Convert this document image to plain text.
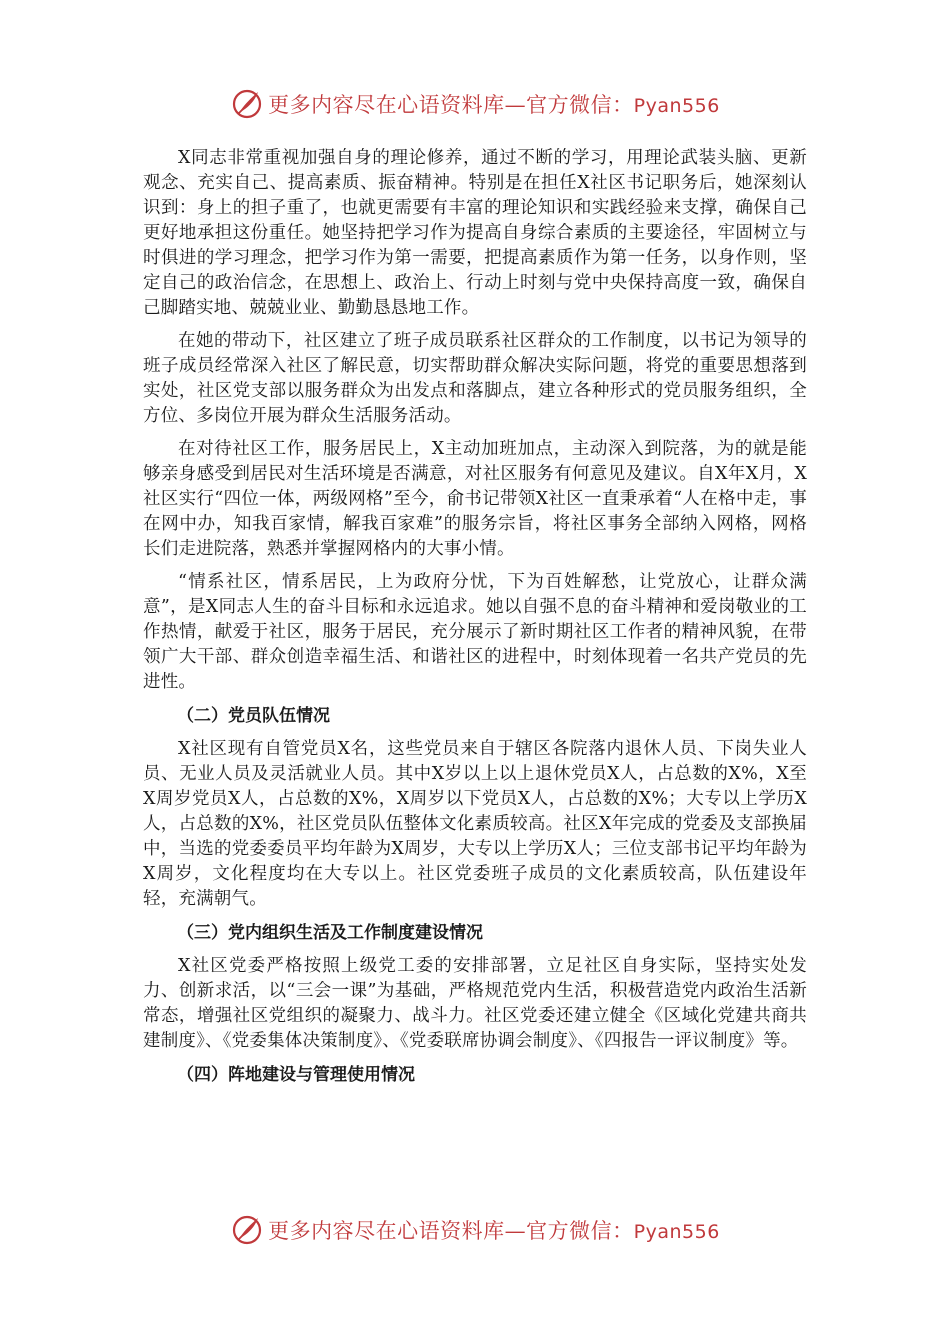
更多内容尽在心语资料库—官方微信：Pyan556

X同志非常重视加强自身的理论修养，通过不断的学习，用理论武装头脑、更新观念、充实自己、提高素质、振奋精神。特别是在担任X社区书记职务后，她深刻认识到：身上的担子重了，也就更需要有丰富的理论知识和实践经验来支撑，确保自己更好地承担这份重任。她坚持把学习作为提高自身综合素质的主要途径，牢固树立与时俱进的学习理念，把学习作为第一需要，把提高素质作为第一任务，以身作则，坚定自己的政治信念，在思想上、政治上、行动上时刻与党中央保持高度一致，确保自己脚踏实地、兢兢业业、勤勤恳恳地工作。

在她的带动下，社区建立了班子成员联系社区群众的工作制度，以书记为领导的班子成员经常深入社区了解民意，切实帮助群众解决实际问题，将党的重要思想落到实处，社区党支部以服务群众为出发点和落脚点，建立各种形式的党员服务组织，全方位、多岗位开展为群众生活服务活动。

在对待社区工作，服务居民上，X主动加班加点，主动深入到院落，为的就是能够亲身感受到居民对生活环境是否满意，对社区服务有何意见及建议。自X年X月，X社区实行“四位一体，两级网格”至今，俞书记带领X社区一直秉承着“人在格中走，事在网中办，知我百家情，解我百家难”的服务宗旨，将社区事务全部纳入网格，网格长们走进院落，熟悉并掌握网格内的大事小情。

“情系社区，情系居民，上为政府分忧，下为百姓解愁，让党放心，让群众满意”，是X同志人生的奋斗目标和永远追求。她以自强不息的奋斗精神和爱岗敬业的工作热情，献爱于社区，服务于居民，充分展示了新时期社区工作者的精神风貌，在带领广大干部、群众创造幸福生活、和谐社区的进程中，时刻体现着一名共产党员的先进性。

（二）党员队伍情况

X社区现有自管党员X名，这些党员来自于辖区各院落内退休人员、下岗失业人员、无业人员及灵活就业人员。其中X岁以上以上退休党员X人，占总数的X%，X至X周岁党员X人，占总数的X%，X周岁以下党员X人，占总数的X%；大专以上学历X人，占总数的X%，社区党员队伍整体文化素质较高。社区X年完成的党委及支部换届中，当选的党委委员平均年龄为X周岁，大专以上学历X人；三位支部书记平均年龄为X周岁，文化程度均在大专以上。社区党委班子成员的文化素质较高，队伍建设年轻，充满朝气。

（三）党内组织生活及工作制度建设情况

X社区党委严格按照上级党工委的安排部署，立足社区自身实际，坚持实处发力、创新求活，以“三会一课”为基础，严格规范党内生活，积极营造党内政治生活新常态，增强社区党组织的凝聚力、战斗力。社区党委还建立健全《区域化党建共商共建制度》、《党委集体决策制度》、《党委联席协调会制度》、《四报告一评议制度》等。

（四）阵地建设与管理使用情况
更多内容尽在心语资料库—官方微信：Pyan556
